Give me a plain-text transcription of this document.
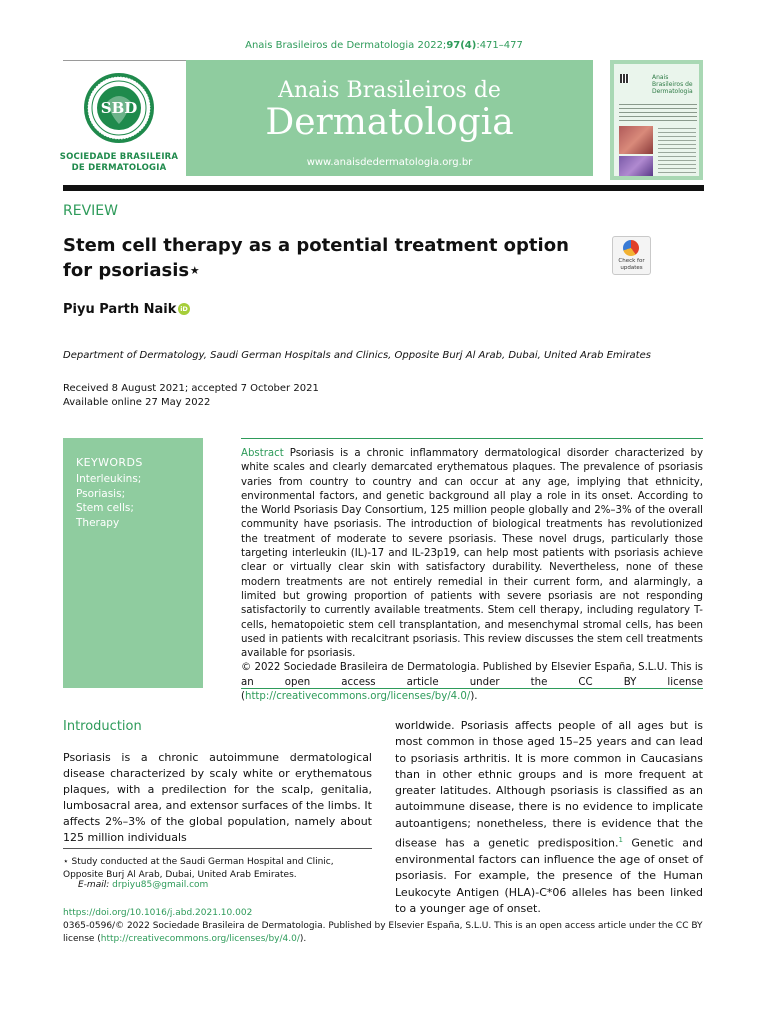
Anais Brasileiros de Dermatologia 2022;97(4):471–477
SBD
SOCIEDADE BRASILEIRA
DE DERMATOLOGIA
Anais Brasileiros de
Dermatologia
www.anaisdedermatologia.org.br
Anais Brasileiros de Dermatologia
REVIEW
Stem cell therapy as a potential treatment option for psoriasis⋆	Check for updates
Piyu Parth Naik iD
Department of Dermatology, Saudi German Hospitals and Clinics, Opposite Burj Al Arab, Dubai, United Arab Emirates
Received 8 August 2021; accepted 7 October 2021
Available online 27 May 2022
KEYWORDS
Interleukins;
Psoriasis;
Stem cells;
Therapy
Abstract Psoriasis is a chronic inflammatory dermatological disorder characterized by white scales and clearly demarcated erythematous plaques. The prevalence of psoriasis varies from country to country and can occur at any age, implying that ethnicity, environmental factors, and genetic background all play a role in its onset. According to the World Psoriasis Day Consortium, 125 million people globally and 2%–3% of the overall community have psoriasis. The introduction of biological treatments has revolutionized the treatment of moderate to severe psoriasis. These novel drugs, particularly those targeting interleukin (IL)-17 and IL-23p19, can help most patients with psoriasis achieve clear or virtually clear skin with satisfactory durability. Nevertheless, none of these modern treatments are not entirely remedial in their current form, and alarmingly, a limited but growing proportion of patients with severe psoriasis are not responding satisfactorily to currently available treatments. Stem cell therapy, including regulatory T-cells, hematopoietic stem cell transplantation, and mesenchymal stromal cells, has been used in patients with recalcitrant psoriasis. This review discusses the stem cell treatments available for psoriasis.
© 2022 Sociedade Brasileira de Dermatologia. Published by Elsevier España, S.L.U. This is an open access article under the CC BY license (http://creativecommons.org/licenses/by/4.0/).
Introduction
Psoriasis is a chronic autoimmune dermatological disease characterized by scaly white or erythematous plaques, with a predilection for the scalp, genitalia, lumbosacral area, and extensor surfaces of the limbs. It affects 2%–3% of the global population, namely about 125 million individuals
worldwide. Psoriasis affects people of all ages but is most common in those aged 15–25 years and can lead to psoriasis arthritis. It is more common in Caucasians than in other ethnic groups and is more frequent at greater latitudes. Although psoriasis is classified as an autoimmune disease, there is no evidence to implicate autoantigens; nonetheless, there is evidence that the disease has a genetic predisposition.$^1$ Genetic and environmental factors can influence the age of onset of psoriasis. For example, the presence of the Human Leukocyte Antigen (HLA)-C*06 alleles has been linked to a younger age of onset.
⋆ Study conducted at the Saudi German Hospital and Clinic, Opposite Burj Al Arab, Dubai, United Arab Emirates.
E-mail: drpiyu85@gmail.com
https://doi.org/10.1016/j.abd.2021.10.002
0365-0596/© 2022 Sociedade Brasileira de Dermatologia. Published by Elsevier España, S.L.U. This is an open access article under the CC BY license (http://creativecommons.org/licenses/by/4.0/).
